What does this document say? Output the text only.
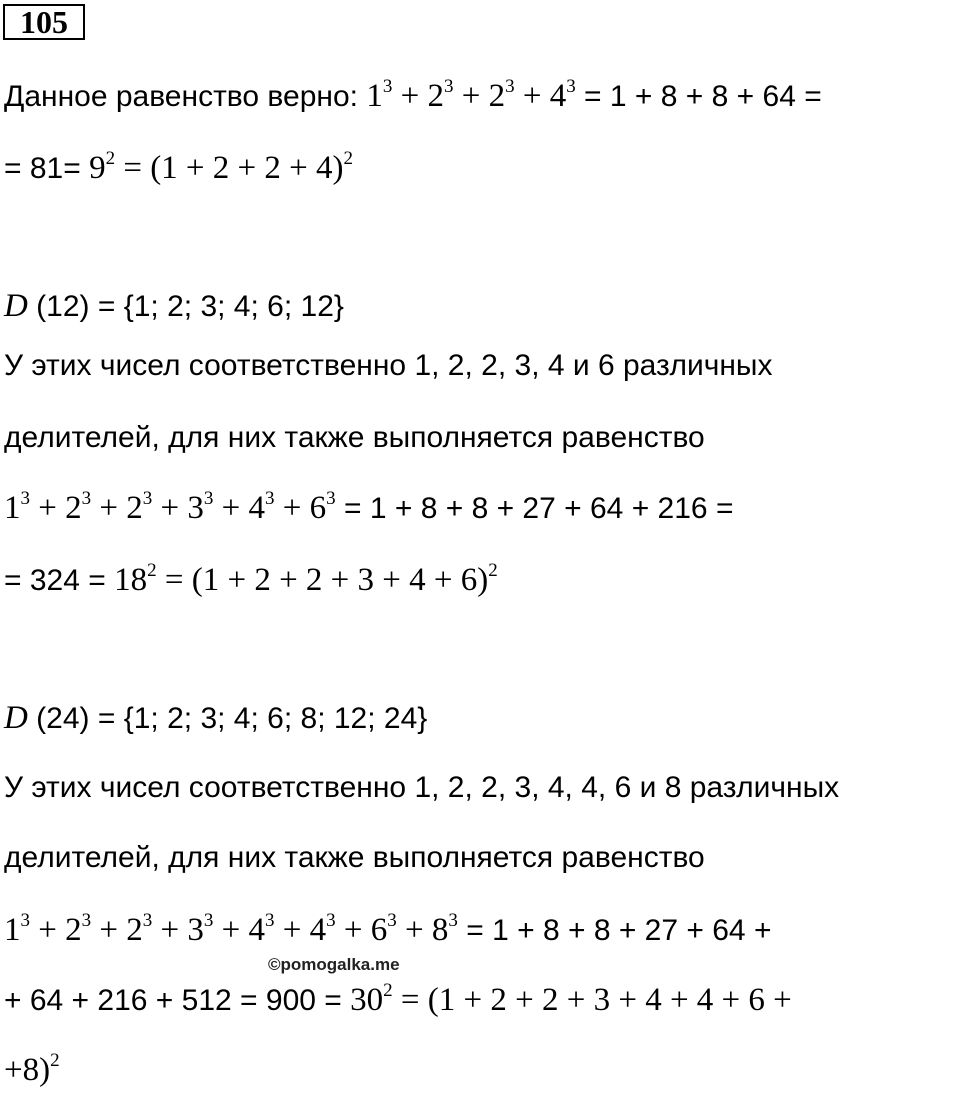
105
Данное равенство верно: $1^3 + 2^3 + 2^3 + 4^3 = 1 + 8 + 8 + 64$ =
= $81= 9^2 = (1 + 2 + 2 + 4)^2$
D (12) = {1; 2; 3; 4; 6; 12}
У этих чисел соответственно 1, 2, 2, 3, 4 и 6 различных
делителей, для них также выполняется равенство
$1^3 + 2^3 + 2^3 + 3^3 + 4^3 + 6^3 = 1 + 8 + 8 + 27 + 64 + 216$ =
= $324 = 18^2 = (1 + 2 + 2 + 3 + 4 + 6)^2$
D (24) = {1; 2; 3; 4; 6; 8; 12; 24}
У этих чисел соответственно 1, 2, 2, 3, 4, 4, 6 и 8 различных
делителей, для них также выполняется равенство
$1^3 + 2^3 + 2^3 + 3^3 + 4^3 + 4^3 + 6^3 + 8^3 = 1 + 8 + 8 + 27 + 64$ +
©pomogalka.me
+ $64 + 216 + 512 = 900 = 30^2 = (1 + 2 + 2 + 3 + 4 + 4 + 6$ +
+8)$^2$
